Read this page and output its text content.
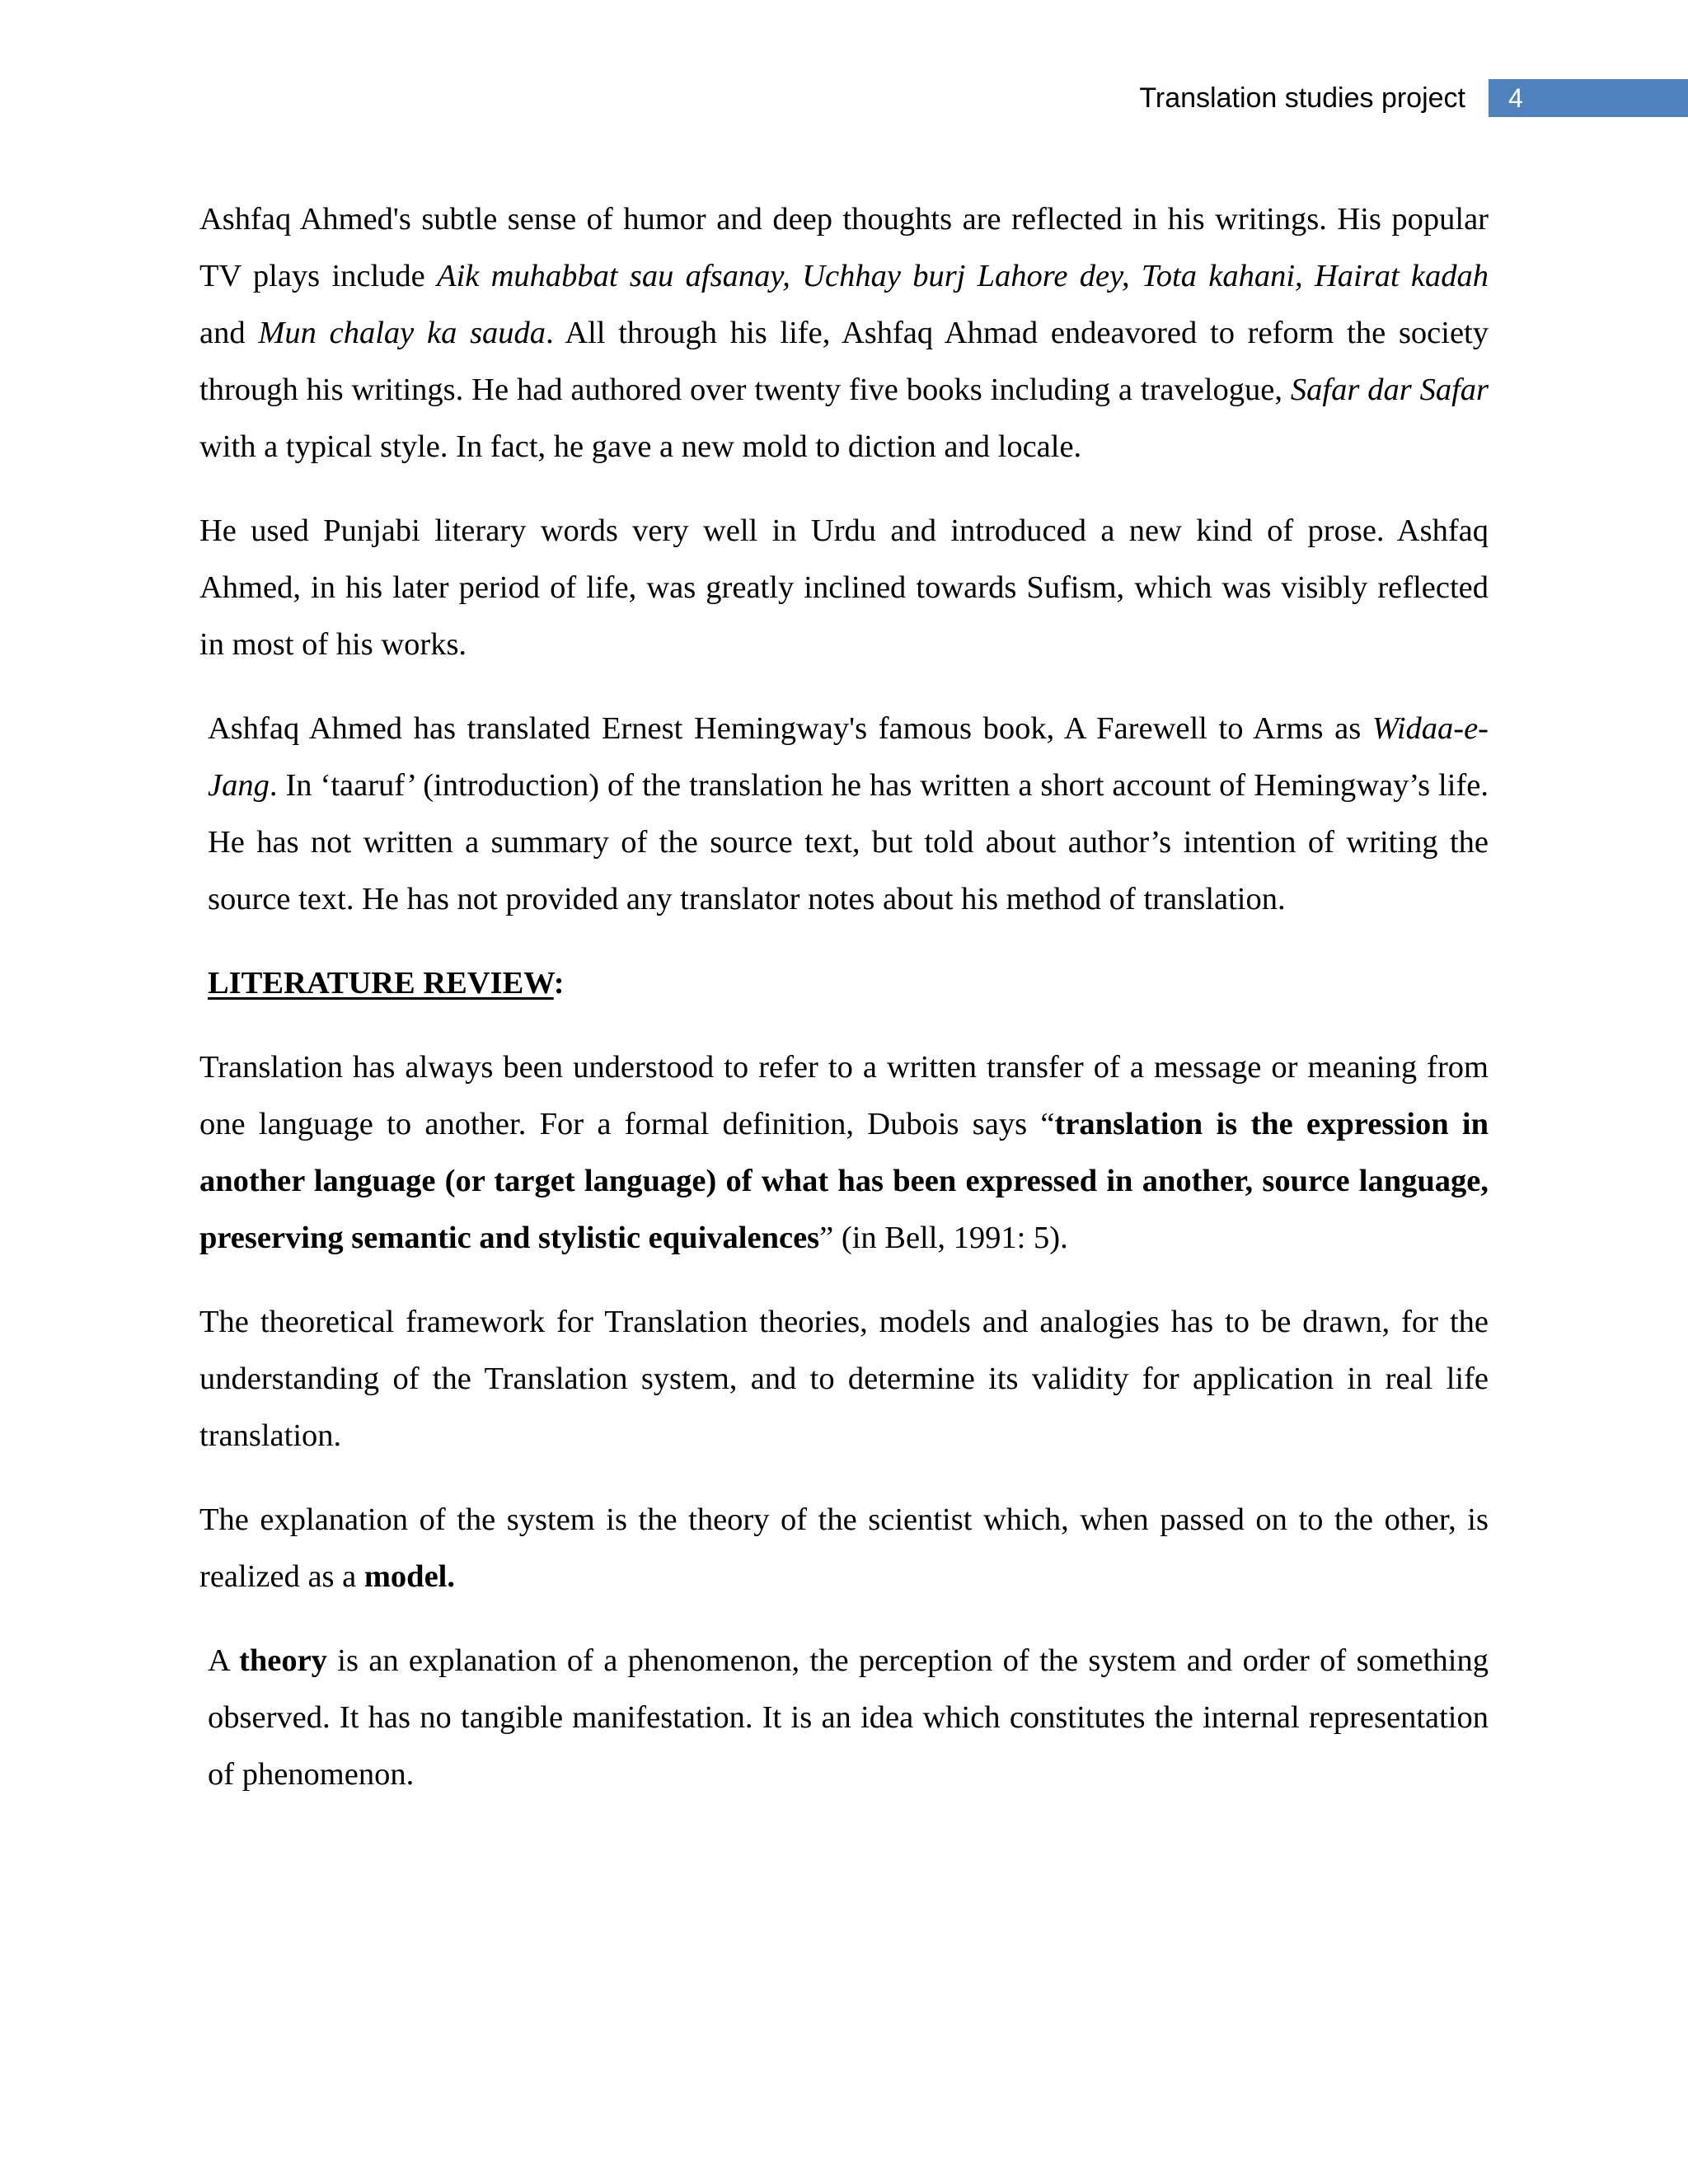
Translation studies project	4

Ashfaq Ahmed's subtle sense of humor and deep thoughts are reflected in his writings. His popular TV plays include Aik muhabbat sau afsanay, Uchhay burj Lahore dey, Tota kahani, Hairat kadah and Mun chalay ka sauda. All through his life, Ashfaq Ahmad endeavored to reform the society through his writings. He had authored over twenty five books including a travelogue, Safar dar Safar with a typical style. In fact, he gave a new mold to diction and locale.

He used Punjabi literary words very well in Urdu and introduced a new kind of prose. Ashfaq Ahmed, in his later period of life, was greatly inclined towards Sufism, which was visibly reflected in most of his works.

Ashfaq Ahmed has translated Ernest Hemingway's famous book, A Farewell to Arms as Widaa-e-Jang. In ‘taaruf’ (introduction) of the translation he has written a short account of Hemingway’s life. He has not written a summary of the source text, but told about author’s intention of writing the source text. He has not provided any translator notes about his method of translation.

LITERATURE REVIEW:

Translation has always been understood to refer to a written transfer of a message or meaning from one language to another. For a formal definition, Dubois says “translation is the expression in another language (or target language) of what has been expressed in another, source language, preserving semantic and stylistic equivalences” (in Bell, 1991: 5).

The theoretical framework for Translation theories, models and analogies has to be drawn, for the understanding of the Translation system, and to determine its validity for application in real life translation.

The explanation of the system is the theory of the scientist which, when passed on to the other, is realized as a model.

A theory is an explanation of a phenomenon, the perception of the system and order of something observed. It has no tangible manifestation. It is an idea which constitutes the internal representation of phenomenon.
